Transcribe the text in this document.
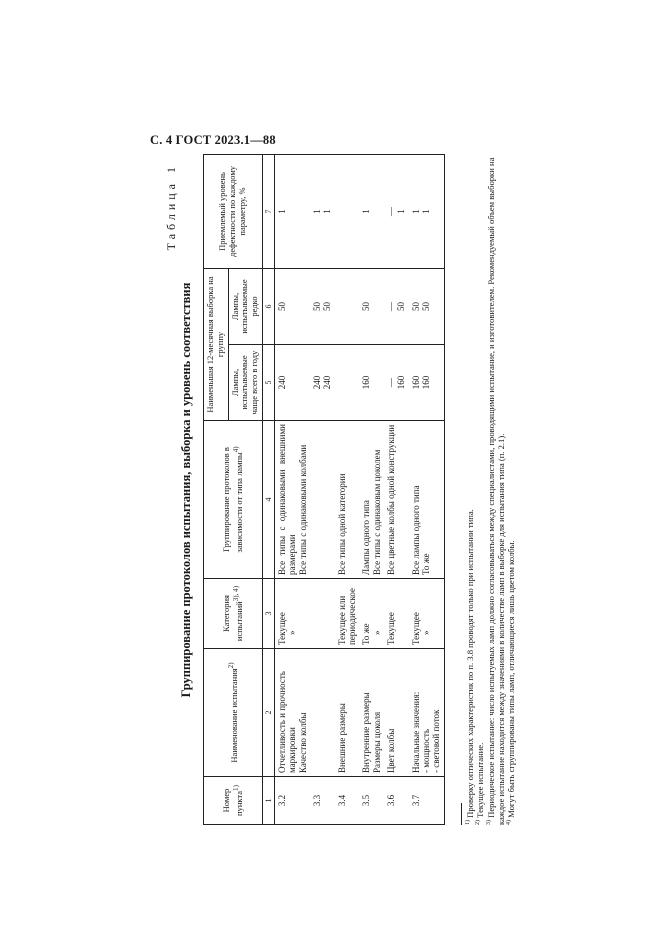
С. 4 ГОСТ 2023.1—88
Таблица 1
Группирование протоколов испытания, выборка и уровень соответствия
Номер пункта$^{1)}$	Наименование испытания$^{2)}$	Категория испытаний$^{3), 4)}$	Группирование протоколов в зависимости от типа лампы$^{4)}$	Наименьшая 12-месячная выборка на группу		Приемлемый уровень дефектности по каждому параметру, %
				Лампы, испытываемые чаще всего в году	Лампы, испытываемые редко	
1	2	3	4	5	6	7
3.2	Отчетливость и прочность маркировки Качество колбы	Текущее »	Все типы с одинаковыми внешними размерами Все типы с одинаковыми колбами	240	50	1

3.3				240 240	50 50	1 1

3.4	Внешние размеры	Текущее или периодическое	Все типы одной категории			

3.5	Внутренние размеры Размеры цоколя	То же »	Лампы одного типа Все типы с одинаковым цоколем	160	50	1

3.6	Цвет колбы	Текущее	Все цветные колбы одной конструкции	— 160	— 50	— 1

3.7	Начальные значения: - мощность - световой поток	Текущее »	Все лампы одного типа То же	160 160	50 50	1 1
$^{1)}$ Проверку оптических характеристик по п. 3.8 проводят только при испытании типа.
$^{2)}$ Текущее испытание.
$^{3)}$ Периодическое испытание: число испытуемых ламп должно согласовываться между специалистами, проводящими испытание, и изготовителем. Рекомендуемый объем выборки на каждое испытание находится между значениями в количестве ламп в выборке для испытания типа (п. 2.1). $^{4)}$ Могут быть сгруппированы типы ламп, отличающиеся лишь цветом колбы.
